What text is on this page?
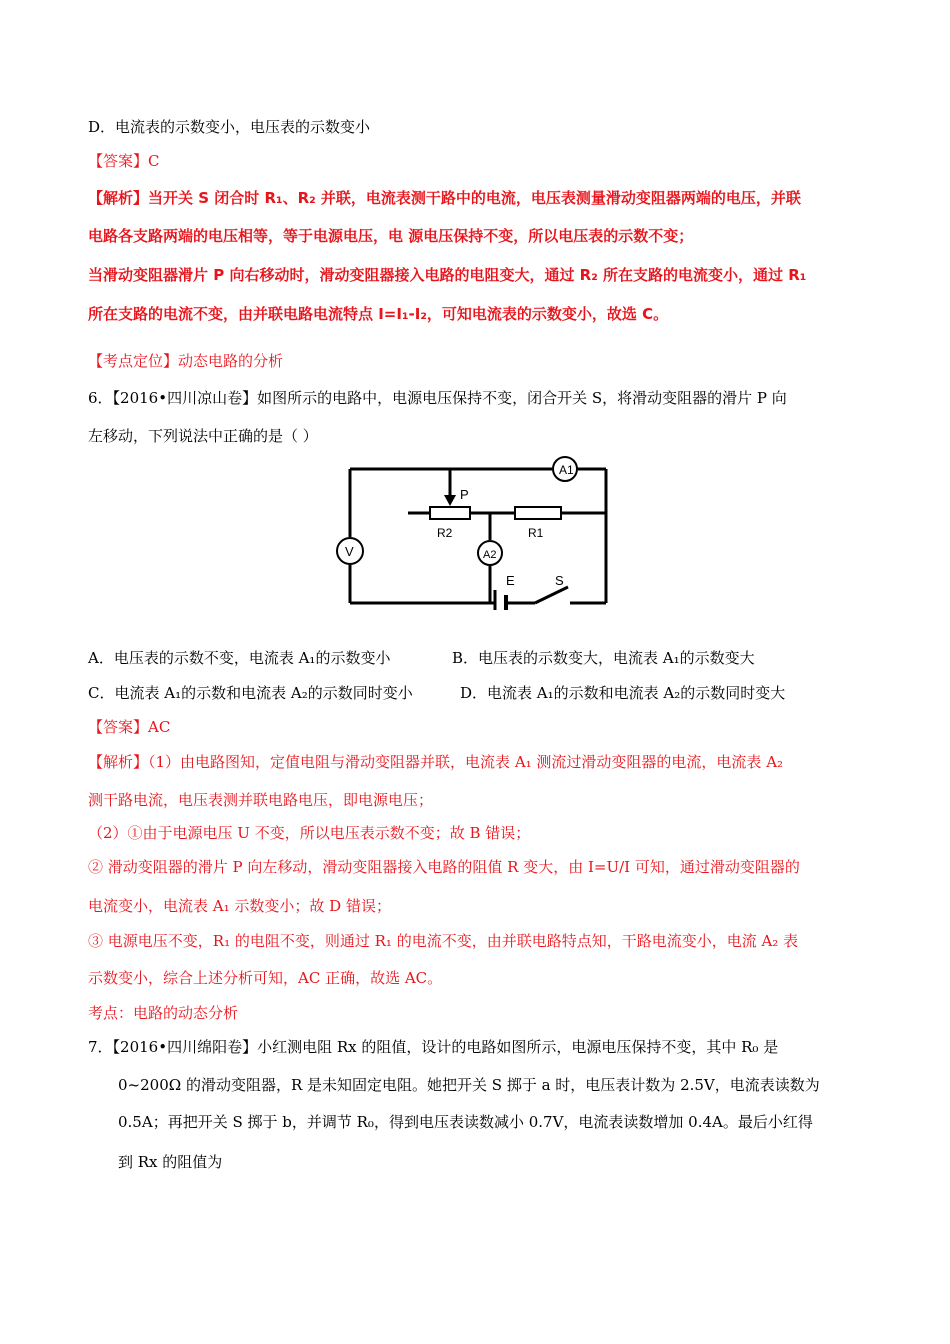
D．电流表的示数变小，电压表的示数变小
【答案】C
【解析】当开关 S 闭合时 R₁、R₂ 并联，电流表测干路中的电流，电压表测量滑动变阻器两端的电压，并联
电路各支路两端的电压相等，等于电源电压，电 源电压保持不变，所以电压表的示数不变；
当滑动变阻器滑片 P 向右移动时，滑动变阻器接入电路的电阻变大，通过 R₂ 所在支路的电流变小，通过 R₁
所在支路的电流不变，由并联电路电流特点 I=I₁-I₂，可知电流表的示数变小，故选 C。
【考点定位】动态电路的分析
6．【2016•四川凉山卷】如图所示的电路中，电源电压保持不变，闭合开关 S，将滑动变阻器的滑片 P 向
左移动，下列说法中正确的是（ ）
A1
V	A2
P
R2	R1
E	S
A．电压表的示数不变，电流表 A₁的示数变小	B．电压表的示数变大，电流表 A₁的示数变大
C．电流表 A₁的示数和电流表 A₂的示数同时变小	D．电流表 A₁的示数和电流表 A₂的示数同时变大
【答案】AC
【解析】（1）由电路图知，定值电阻与滑动变阻器并联，电流表 A₁ 测流过滑动变阻器的电流，电流表 A₂
测干路电流，电压表测并联电路电压，即电源电压；
（2）①由于电源电压 U 不变，所以电压表示数不变；故 B 错误；
② 滑动变阻器的滑片 P 向左移动，滑动变阻器接入电路的阻值 R 变大，由 I=U/I 可知，通过滑动变阻器的
电流变小，电流表 A₁ 示数变小；故 D 错误；
③ 电源电压不变，R₁ 的电阻不变，则通过 R₁ 的电流不变，由并联电路特点知，干路电流变小，电流 A₂ 表
示数变小，综合上述分析可知，AC 正确，故选 AC。
考点：电路的动态分析
7．【2016•四川绵阳卷】小红测电阻 Rx 的阻值，设计的电路如图所示，电源电压保持不变，其中 R₀ 是
0~200Ω 的滑动变阻器，R 是未知固定电阻。她把开关 S 掷于 a 时，电压表计数为 2.5V，电流表读数为
0.5A；再把开关 S 掷于 b，并调节 R₀，得到电压表读数减小 0.7V，电流表读数增加 0.4A。最后小红得
到 Rx 的阻值为
